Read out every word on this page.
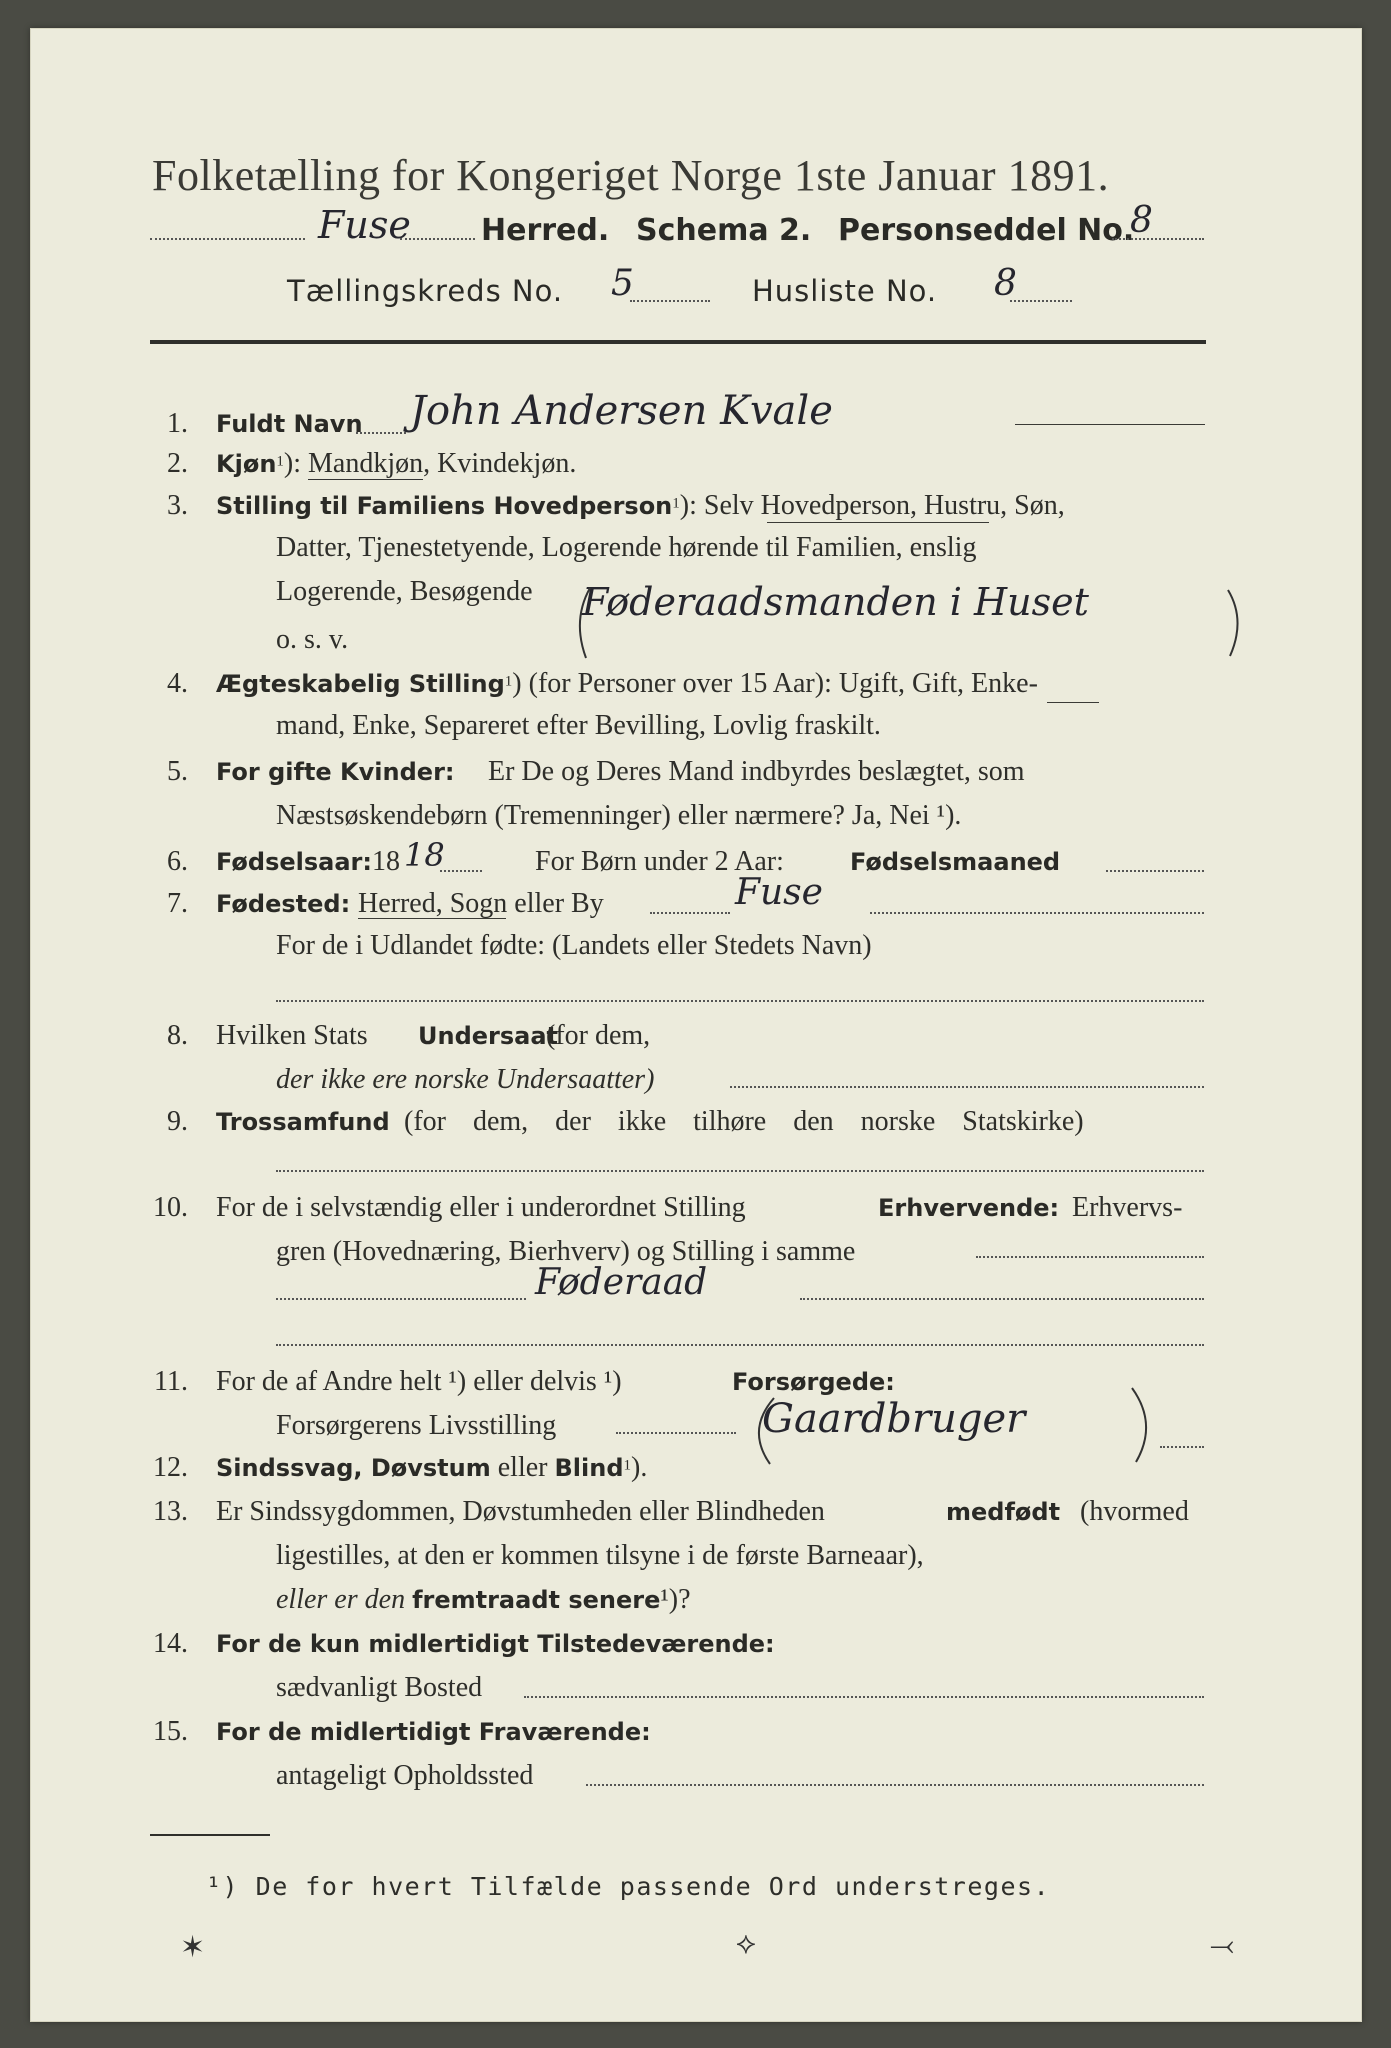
Folketælling for Kongeriget Norge 1ste Januar 1891.
Fuse Herred. Schema 2. Personseddel No.
8
Tællingskreds No. 5	Husliste No. 8
1. Fuldt Navn John Andersen Kvale
2. Kjøn$^1$): Mandkjøn, Kvindekjøn.
3. Stilling til Familiens Hovedperson$^1$): Selv Hovedperson, Hustru, Søn,
Datter, Tjenestetyende, Logerende hørende til Familien, enslig
Logerende, Besøgende
o. s. v.
Føderaadsmanden i Huset
4. Ægteskabelig Stilling$^1$) (for Personer over 15 Aar): Ugift, Gift, Enke-
mand, Enke, Separeret efter Bevilling, Lovlig fraskilt.
5. For gifte Kvinder: Er De og Deres Mand indbyrdes beslægtet, som
Næstsøskendebørn (Tremenninger) eller nærmere? Ja, Nei ¹).
6. Fødselsaar: 18 18	For Børn under 2 Aar:	Fødselsmaaned
7. Fødested: Herred, Sogn eller By	Fuse
For de i Udlandet fødte: (Landets eller Stedets Navn)
8. Hvilken Stats Undersaat
(for dem,
der ikke ere norske Undersaatter)
9. Trossamfund (for dem, der ikke tilhøre den norske Statskirke)
10. For de i selvstændig eller i underordnet Stilling	Erhvervende: Erhvervs-
gren (Hovednæring, Bierhverv) og Stilling i samme
Føderaad
11. For de af Andre helt ¹) eller delvis ¹)	Forsørgede:
Forsørgerens Livsstilling	Gaardbruger
12. Sindssvag, Døvstum eller Blind$^1$).
13. Er Sindssygdommen, Døvstumheden eller Blindheden	medfødt (hvormed
ligestilles, at den er kommen tilsyne i de første Barneaar),
eller er den fremtraadt senere¹)?
14. For de kun midlertidigt Tilstedeværende:
sædvanligt Bosted
15. For de midlertidigt Fraværende:
antageligt Opholdssted
¹) De for hvert Tilfælde passende Ord understreges.
✶	⟡	⤙
